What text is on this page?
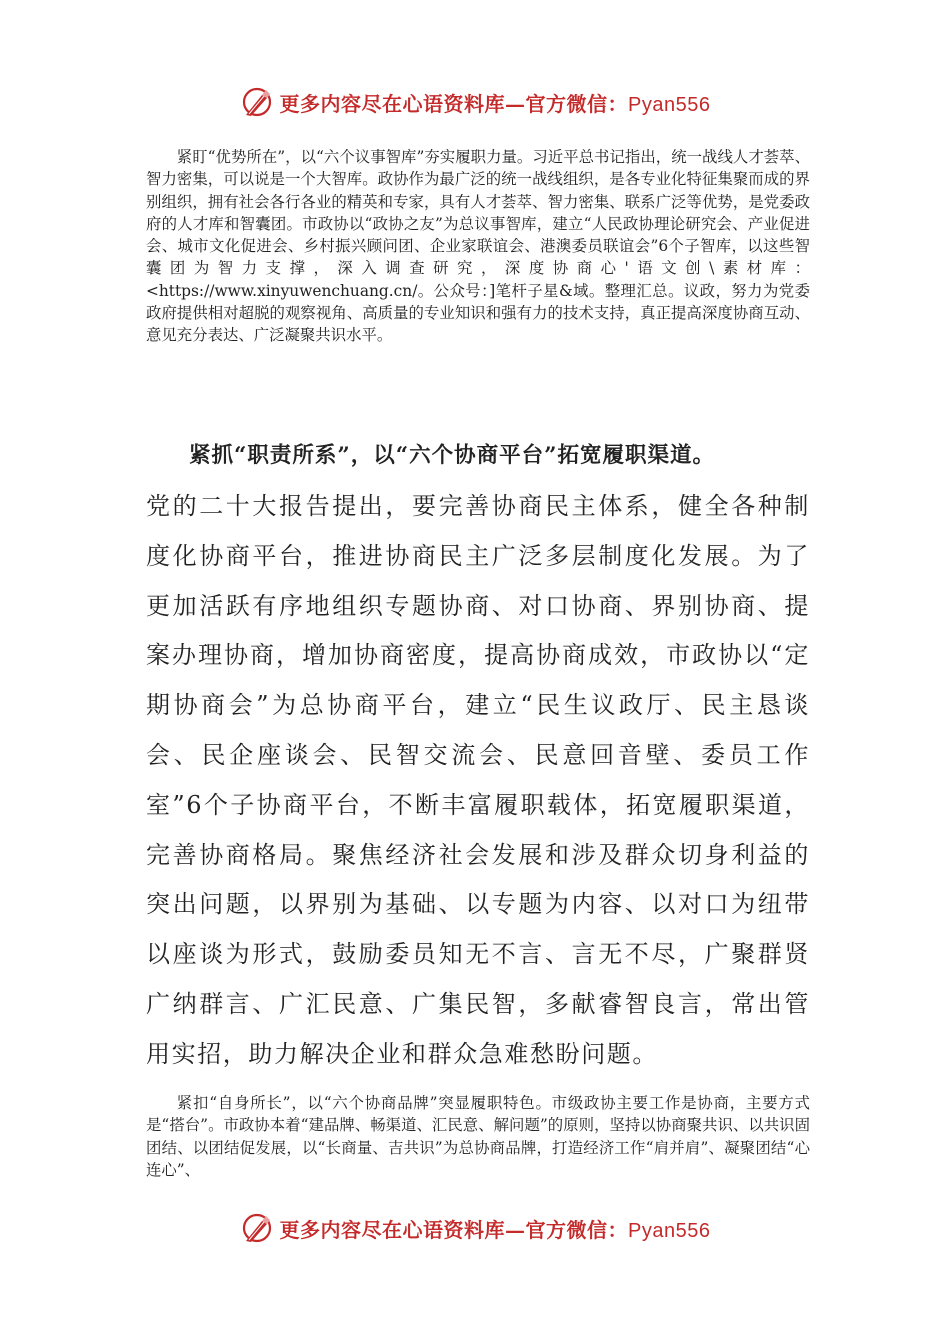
更多内容尽在心语资料库—官方微信：Pyan556

紧盯“优势所在”，以“六个议事智库”夯实履职力量。习近平总书记指出，统一战线人才荟萃、智力密集，可以说是一个大智库。政协作为最广泛的统一战线组织，是各专业化特征集聚而成的界别组织，拥有社会各行各业的精英和专家，具有人才荟萃、智力密集、联系广泛等优势，是党委政府的人才库和智囊团。市政协以“政协之友”为总议事智库，建立“人民政协理论研究会、产业促进会、城市文化促进会、乡村振兴顾问团、企业家联谊会、港澳委员联谊会”6个子智库，以这些智囊团为智力支撑，深入调查研究，深度协商心'语文创\素材库：<https://www.xinyuwenchuang.cn/。公众号：]笔杆子星&域。整理汇总。议政，努力为党委政府提供相对超脱的观察视角、高质量的专业知识和强有力的技术支持，真正提高深度协商互动、意见充分表达、广泛凝聚共识水平。

紧抓“职责所系”，以“六个协商平台”拓宽履职渠道。

党的二十大报告提出，要完善协商民主体系，健全各种制度化协商平台，推进协商民主广泛多层制度化发展。为了更加活跃有序地组织专题协商、对口协商、界别协商、提案办理协商，增加协商密度，提高协商成效，市政协以“定期协商会”为总协商平台，建立“民生议政厅、民主恳谈会、民企座谈会、民智交流会、民意回音壁、委员工作室”6个子协商平台，不断丰富履职载体，拓宽履职渠道，完善协商格局。聚焦经济社会发展和涉及群众切身利益的突出问题，以界别为基础、以专题为内容、以对口为纽带以座谈为形式，鼓励委员知无不言、言无不尽，广聚群贤广纳群言、广汇民意、广集民智，多献睿智良言，常出管用实招，助力解决企业和群众急难愁盼问题。

紧扣“自身所长”，以“六个协商品牌”突显履职特色。市级政协主要工作是协商，主要方式是“搭台”。市政协本着“建品牌、畅渠道、汇民意、解问题”的原则，坚持以协商聚共识、以共识固团结、以团结促发展，以“长商量、吉共识”为总协商品牌，打造经济工作“肩并肩”、凝聚团结“心连心”、

更多内容尽在心语资料库—官方微信：Pyan556
